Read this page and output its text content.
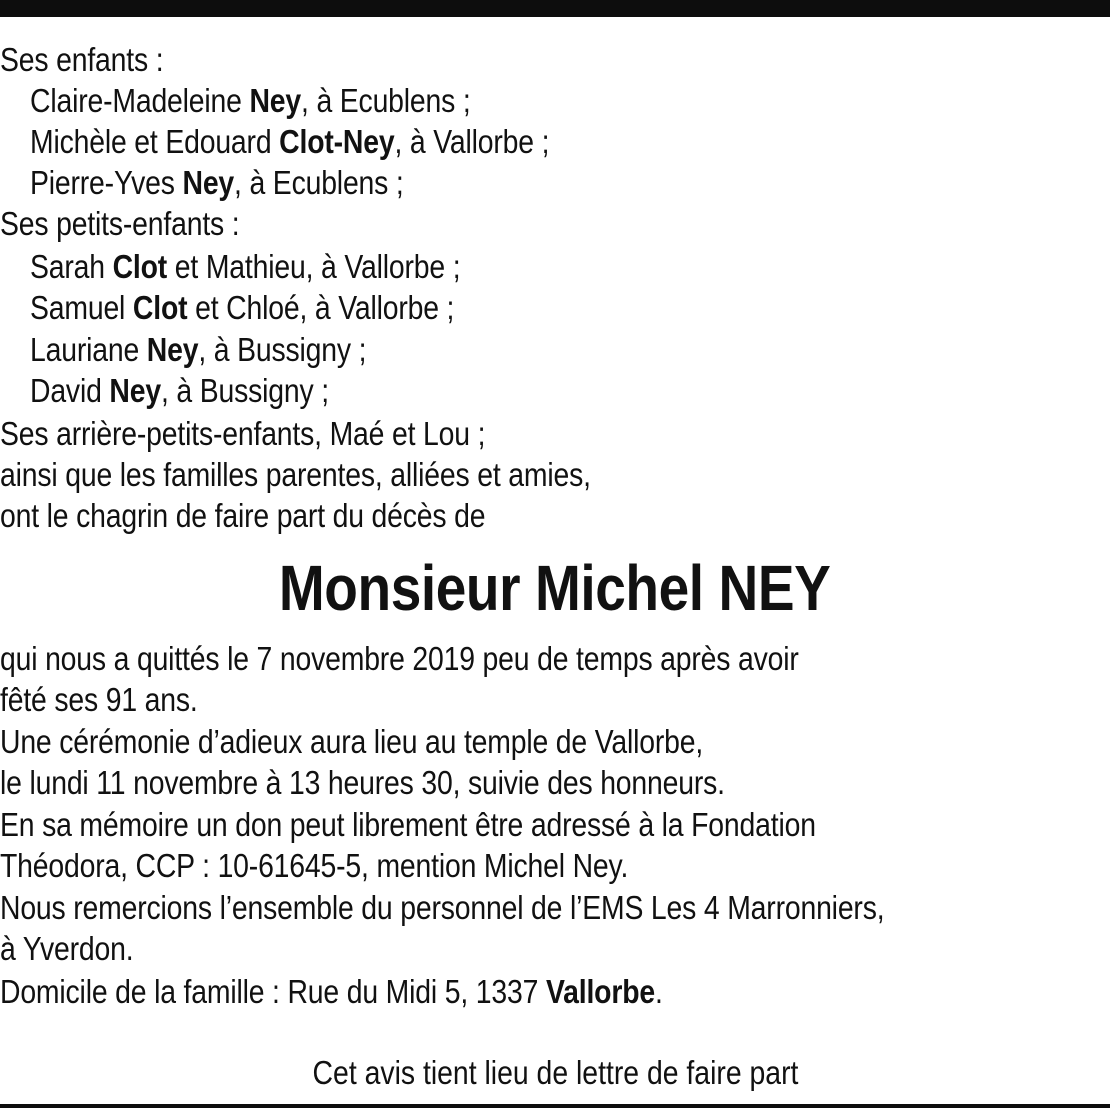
Ses enfants :
Claire-Madeleine Ney, à Ecublens ;
Michèle et Edouard Clot-Ney, à Vallorbe ;
Pierre-Yves Ney, à Ecublens ;
Ses petits-enfants :
Sarah Clot et Mathieu, à Vallorbe ;
Samuel Clot et Chloé, à Vallorbe ;
Lauriane Ney, à Bussigny ;
David Ney, à Bussigny ;
Ses arrière-petits-enfants, Maé et Lou ;
ainsi que les familles parentes, alliées et amies,
ont le chagrin de faire part du décès de
Monsieur Michel NEY
qui nous a quittés le 7 novembre 2019 peu de temps après avoir
fêté ses 91 ans.
Une cérémonie d’adieux aura lieu au temple de Vallorbe,
le lundi 11 novembre à 13 heures 30, suivie des honneurs.
En sa mémoire un don peut librement être adressé à la Fondation
Théodora, CCP : 10-61645-5, mention Michel Ney.
Nous remercions l’ensemble du personnel de l’EMS Les 4 Marronniers,
à Yverdon.
Domicile de la famille : Rue du Midi 5, 1337 Vallorbe.
Cet avis tient lieu de lettre de faire part
